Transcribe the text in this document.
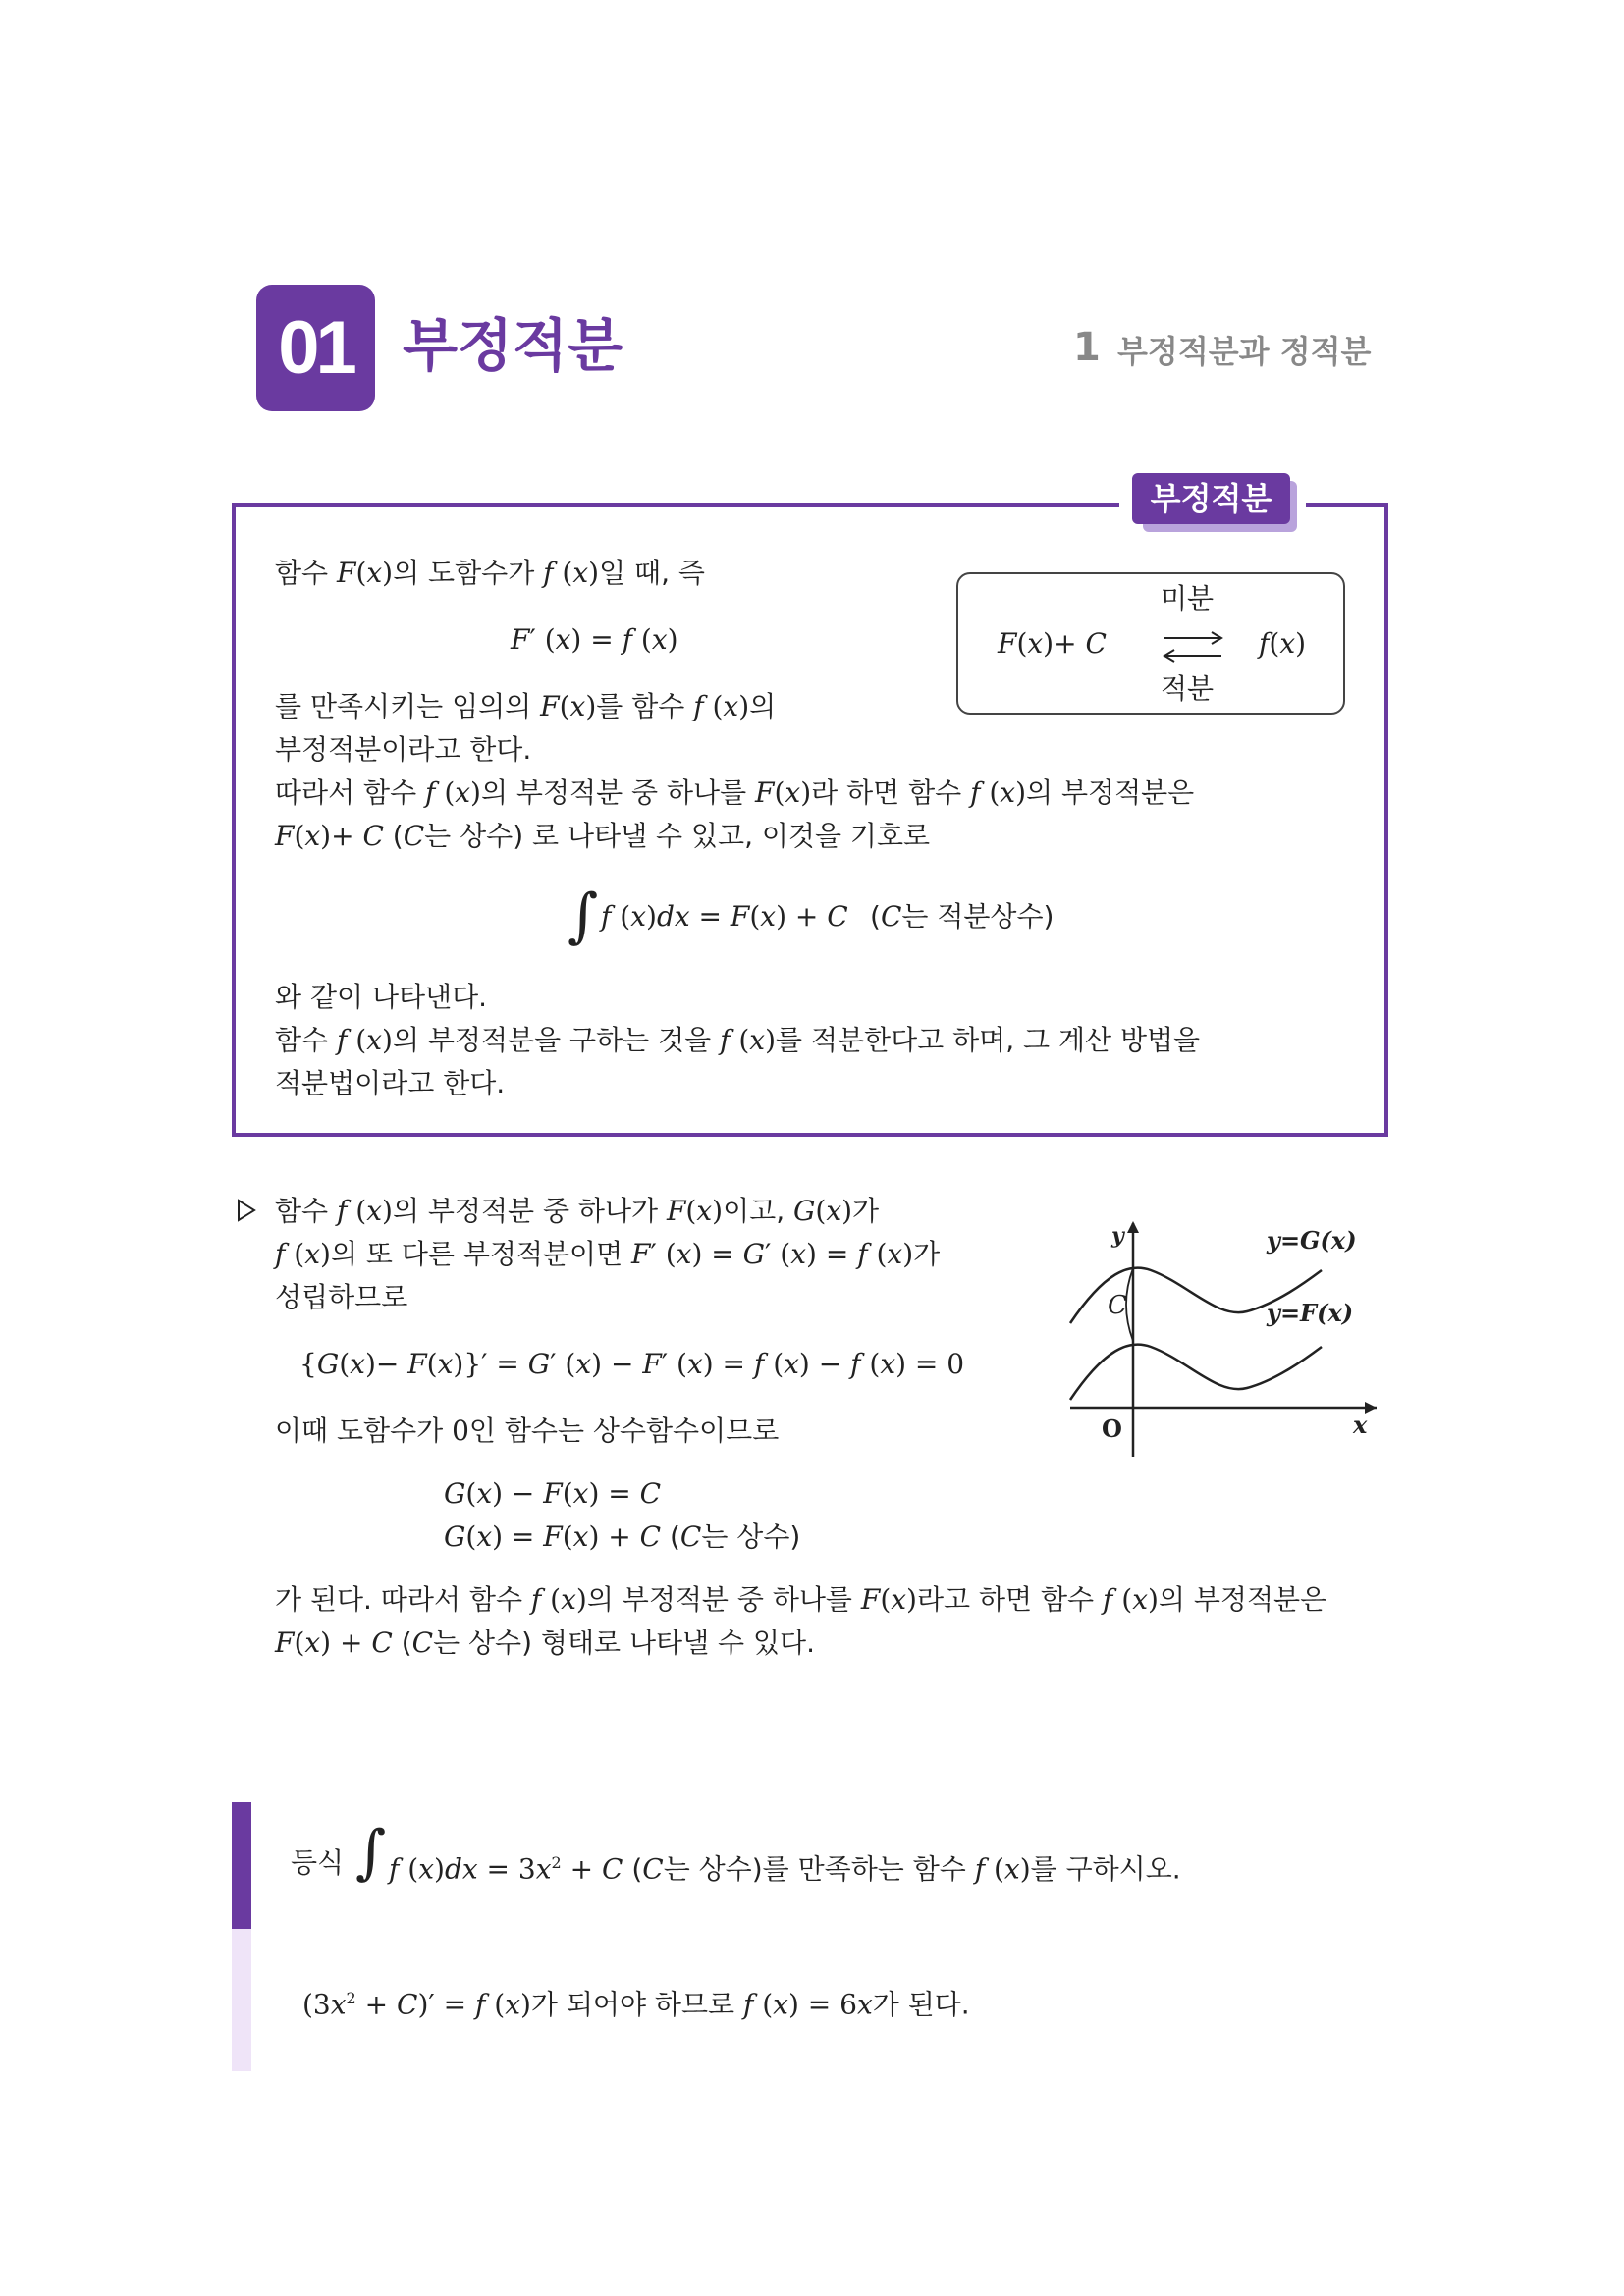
01 부정적분	1 부정적분과 정적분
부정적분
함수 F(x)의 도함수가 f (x)일 때, 즉
F′ (x) = f (x)
를 만족시키는 임의의 F(x)를 함수 f (x)의
부정적분이라고 한다.
따라서 함수 f (x)의 부정적분 중 하나를 F(x)라 하면 함수 f (x)의 부정적분은
F(x)+ C (C는 상수) 로 나타낼 수 있고, 이것을 기호로
∫ f (x)dx = F(x) + C (C는 적분상수)
와 같이 나타낸다.
함수 f (x)의 부정적분을 구하는 것을 f (x)를 적분한다고 하며, 그 계산 방법을
적분법이라고 한다.
F(x)+ C	f(x)
미분
적분
함수 f (x)의 부정적분 중 하나가 F(x)이고, G(x)가
f (x)의 또 다른 부정적분이면 F′ (x) = G′ (x) = f (x)가
성립하므로
{G(x)− F(x)}′ = G′ (x) − F′ (x) = f (x) − f (x) = 0
이때 도함수가 0인 함수는 상수함수이므로
G(x) − F(x) = C
G(x) = F(x) + C (C는 상수)
가 된다. 따라서 함수 f (x)의 부정적분 중 하나를 F(x)라고 하면 함수 f (x)의 부정적분은
F(x) + C (C는 상수) 형태로 나타낼 수 있다.
C
y
x
O
y=G(x)
y=F(x)
등식 ∫ f $(x)dx = 3x^2 + C$ (C는 상수)를 만족하는 함수 f (x)를 구하시오.
$(3x^2 + C)' = f$ (x)가 되어야 하므로 f (x) = 6x가 된다.
